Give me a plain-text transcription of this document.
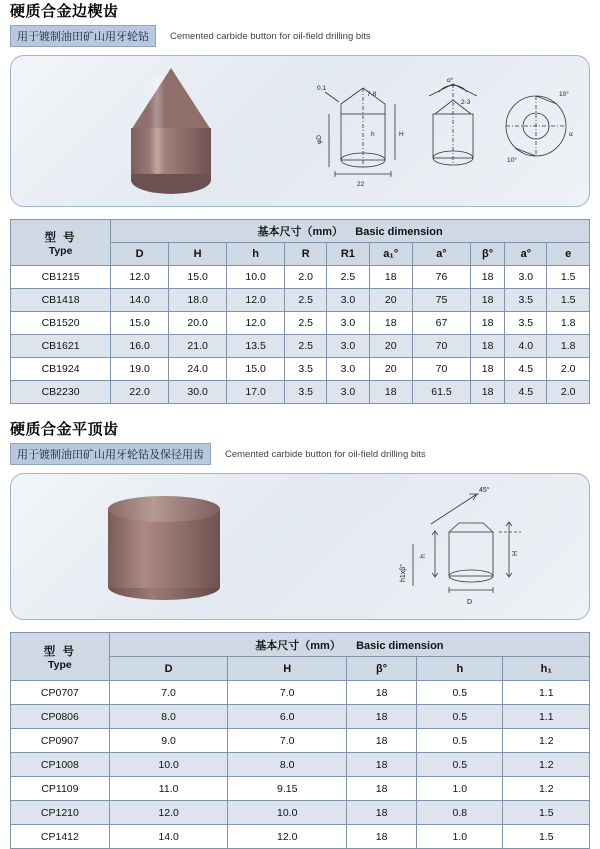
硬质合金边楔齿
用于镀制油田矿山用牙轮钻	Cemented carbide button for oil-field drilling bits
0.1
7-8
φD
H
h
22
α°
2-3
10°
10°
α
型 号
Type	基本尺寸（mm） Basic dimension									
	D	H	h	R	R1	a₁°	a°	β°	a°	e
CB1215	12.0	15.0	10.0	2.0	2.5	18	76	18	3.0	1.5
CB1418	14.0	18.0	12.0	2.5	3.0	20	75	18	3.5	1.5
CB1520	15.0	20.0	12.0	2.5	3.0	18	67	18	3.5	1.8
CB1621	16.0	21.0	13.5	2.5	3.0	20	70	18	4.0	1.8
CB1924	19.0	24.0	15.0	3.5	3.0	20	70	18	4.5	2.0
CB2230	22.0	30.0	17.0	3.5	3.0	18	61.5	18	4.5	2.0
硬质合金平顶齿
用于镀制油田矿山用牙轮钻及保径用齿	Cemented carbide button for oil-field drilling bits
45°
h
H
h1xβ°
D
型 号
Type	基本尺寸（mm） Basic dimension				
	D	H	β°	h	h₁
CP0707	7.0	7.0	18	0.5	1.1
CP0806	8.0	6.0	18	0.5	1.1
CP0907	9.0	7.0	18	0.5	1.2
CP1008	10.0	8.0	18	0.5	1.2
CP1109	11.0	9.15	18	1.0	1.2
CP1210	12.0	10.0	18	0.8	1.5
CP1412	14.0	12.0	18	1.0	1.5
